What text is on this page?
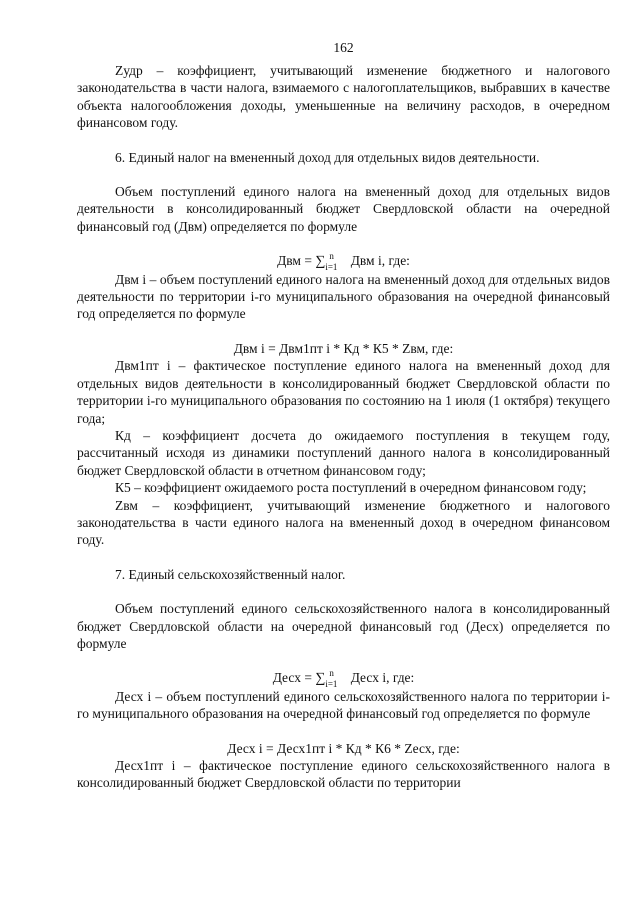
162

Zудр – коэффициент, учитывающий изменение бюджетного и налогового законодательства в части налога, взимаемого с налогоплательщиков, выбравших в качестве объекта налогообложения доходы, уменьшенные на величину расходов, в очередном финансовом году.

6. Единый налог на вмененный доход для отдельных видов деятельности.

Объем поступлений единого налога на вмененный доход для отдельных видов деятельности в консолидированный бюджет Свердловской области на очередной финансовый год (Двм) определяется по формуле

Двм = ∑ n
i=1 Двм i, где:

Двм i – объем поступлений единого налога на вмененный доход для отдельных видов деятельности по территории i-го муниципального образования на очередной финансовый год определяется по формуле

Двм i = Двм1пт i * Кд * К5 * Zвм, где:

Двм1пт i – фактическое поступление единого налога на вмененный доход для отдельных видов деятельности в консолидированный бюджет Свердловской области по территории i-го муниципального образования по состоянию на 1 июля (1 октября) текущего года;

Кд – коэффициент досчета до ожидаемого поступления в текущем году, рассчитанный исходя из динамики поступлений данного налога в консолидированный бюджет Свердловской области в отчетном финансовом году;

К5 – коэффициент ожидаемого роста поступлений в очередном финансовом году;

Zвм – коэффициент, учитывающий изменение бюджетного и налогового законодательства в части единого налога на вмененный доход в очередном финансовом году.

7. Единый сельскохозяйственный налог.

Объем поступлений единого сельскохозяйственного налога в консолидированный бюджет Свердловской области на очередной финансовый год (Десх) определяется по формуле

Десх = ∑ n
i=1 Десх i, где:

Десх i – объем поступлений единого сельскохозяйственного налога по территории i-го муниципального образования на очередной финансовый год определяется по формуле

Десх i = Десх1пт i * Кд * К6 * Zесх, где:

Десх1пт i – фактическое поступление единого сельскохозяйственного налога в консолидированный бюджет Свердловской области по территории
